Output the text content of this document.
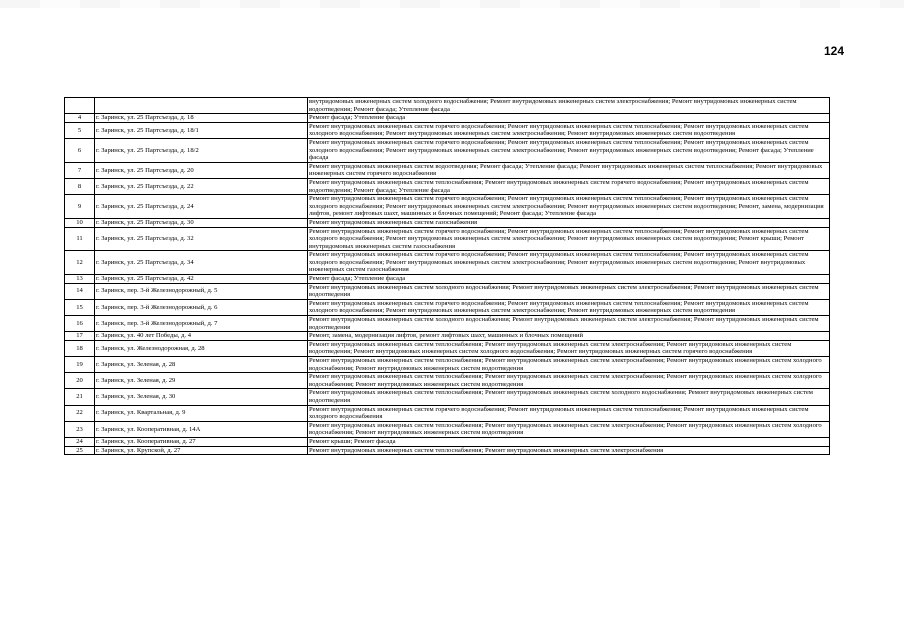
124
		внутридомовых инженерных систем холодного водоснабжения; Ремонт внутридомовых инженерных систем электроснабжения; Ремонт внутридомовых инженерных систем водоотведения; Ремонт фасада; Утепление фасада
4	г. Заринск, ул. 25 Партсъезда, д. 18	Ремонт фасада; Утепление фасада
5	г. Заринск, ул. 25 Партсъезда, д. 18/1	Ремонт внутридомовых инженерных систем горячего водоснабжения; Ремонт внутридомовых инженерных систем теплоснабжения; Ремонт внутридомовых инженерных систем холодного водоснабжения; Ремонт внутридомовых инженерных систем электроснабжения; Ремонт внутридомовых инженерных систем водоотведения
6	г. Заринск, ул. 25 Партсъезда, д. 18/2	Ремонт внутридомовых инженерных систем горячего водоснабжения; Ремонт внутридомовых инженерных систем теплоснабжения; Ремонт внутридомовых инженерных систем холодного водоснабжения; Ремонт внутридомовых инженерных систем электроснабжения; Ремонт внутридомовых инженерных систем водоотведения; Ремонт фасада; Утепление фасада
7	г. Заринск, ул. 25 Партсъезда, д. 20	Ремонт внутридомовых инженерных систем водоотведения; Ремонт фасада; Утепление фасада; Ремонт внутридомовых инженерных систем теплоснабжения; Ремонт внутридомовых инженерных систем горячего водоснабжения
8	г. Заринск, ул. 25 Партсъезда, д. 22	Ремонт внутридомовых инженерных систем теплоснабжения; Ремонт внутридомовых инженерных систем горячего водоснабжения; Ремонт внутридомовых инженерных систем водоотведения; Ремонт фасада; Утепление фасада
9	г. Заринск, ул. 25 Партсъезда, д. 24	Ремонт внутридомовых инженерных систем горячего водоснабжения; Ремонт внутридомовых инженерных систем теплоснабжения; Ремонт внутридомовых инженерных систем холодного водоснабжения; Ремонт внутридомовых инженерных систем электроснабжения; Ремонт внутридомовых инженерных систем водоотведения; Ремонт, замена, модернизация лифтов, ремонт лифтовых шахт, машинных и блочных помещений; Ремонт фасада; Утепление фасада
10	г. Заринск, ул. 25 Партсъезда, д. 30	Ремонт внутридомовых инженерных систем газоснабжения
11	г. Заринск, ул. 25 Партсъезда, д. 32	Ремонт внутридомовых инженерных систем горячего водоснабжения; Ремонт внутридомовых инженерных систем теплоснабжения; Ремонт внутридомовых инженерных систем холодного водоснабжения; Ремонт внутридомовых инженерных систем электроснабжения; Ремонт внутридомовых инженерных систем водоотведения; Ремонт крыши; Ремонт внутридомовых инженерных систем газоснабжения
12	г. Заринск, ул. 25 Партсъезда, д. 34	Ремонт внутридомовых инженерных систем горячего водоснабжения; Ремонт внутридомовых инженерных систем теплоснабжения; Ремонт внутридомовых инженерных систем холодного водоснабжения; Ремонт внутридомовых инженерных систем электроснабжения; Ремонт внутридомовых инженерных систем водоотведения; Ремонт внутридомовых инженерных систем газоснабжения
13	г. Заринск, ул. 25 Партсъезда, д. 42	Ремонт фасада; Утепление фасада
14	г. Заринск, пер. 3-й Железнодорожный, д. 5	Ремонт внутридомовых инженерных систем холодного водоснабжения; Ремонт внутридомовых инженерных систем электроснабжения; Ремонт внутридомовых инженерных систем водоотведения
15	г. Заринск, пер. 3-й Железнодорожный, д. 6	Ремонт внутридомовых инженерных систем горячего водоснабжения; Ремонт внутридомовых инженерных систем теплоснабжения; Ремонт внутридомовых инженерных систем холодного водоснабжения; Ремонт внутридомовых инженерных систем электроснабжения; Ремонт внутридомовых инженерных систем водоотведения
16	г. Заринск, пер. 3-й Железнодорожный, д. 7	Ремонт внутридомовых инженерных систем холодного водоснабжения; Ремонт внутридомовых инженерных систем электроснабжения; Ремонт внутридомовых инженерных систем водоотведения
17	г. Заринск, ул. 40 лет Победы, д. 4	Ремонт, замена, модернизация лифтов, ремонт лифтовых шахт, машинных и блочных помещений
18	г. Заринск, ул. Железнодорожная, д. 28	Ремонт внутридомовых инженерных систем теплоснабжения; Ремонт внутридомовых инженерных систем электроснабжения; Ремонт внутридомовых инженерных систем водоотведения; Ремонт внутридомовых инженерных систем холодного водоснабжения; Ремонт внутридомовых инженерных систем горячего водоснабжения
19	г. Заринск, ул. Зеленая, д. 28	Ремонт внутридомовых инженерных систем теплоснабжения; Ремонт внутридомовых инженерных систем электроснабжения; Ремонт внутридомовых инженерных систем холодного водоснабжения; Ремонт внутридомовых инженерных систем водоотведения
20	г. Заринск, ул. Зеленая, д. 29	Ремонт внутридомовых инженерных систем теплоснабжения; Ремонт внутридомовых инженерных систем электроснабжения; Ремонт внутридомовых инженерных систем холодного водоснабжения; Ремонт внутридомовых инженерных систем водоотведения
21	г. Заринск, ул. Зеленая, д. 30	Ремонт внутридомовых инженерных систем теплоснабжения; Ремонт внутридомовых инженерных систем холодного водоснабжения; Ремонт внутридомовых инженерных систем водоотведения
22	г. Заринск, ул. Квартальная, д. 9	Ремонт внутридомовых инженерных систем горячего водоснабжения; Ремонт внутридомовых инженерных систем теплоснабжения; Ремонт внутридомовых инженерных систем холодного водоснабжения
23	г. Заринск, ул. Кооперативная, д. 14А	Ремонт внутридомовых инженерных систем теплоснабжения; Ремонт внутридомовых инженерных систем электроснабжения; Ремонт внутридомовых инженерных систем холодного водоснабжения; Ремонт внутридомовых инженерных систем водоотведения
24	г. Заринск, ул. Кооперативная, д. 27	Ремонт крыши; Ремонт фасада
25	г. Заринск, ул. Крупской, д. 27	Ремонт внутридомовых инженерных систем теплоснабжения; Ремонт внутридомовых инженерных систем электроснабжения
